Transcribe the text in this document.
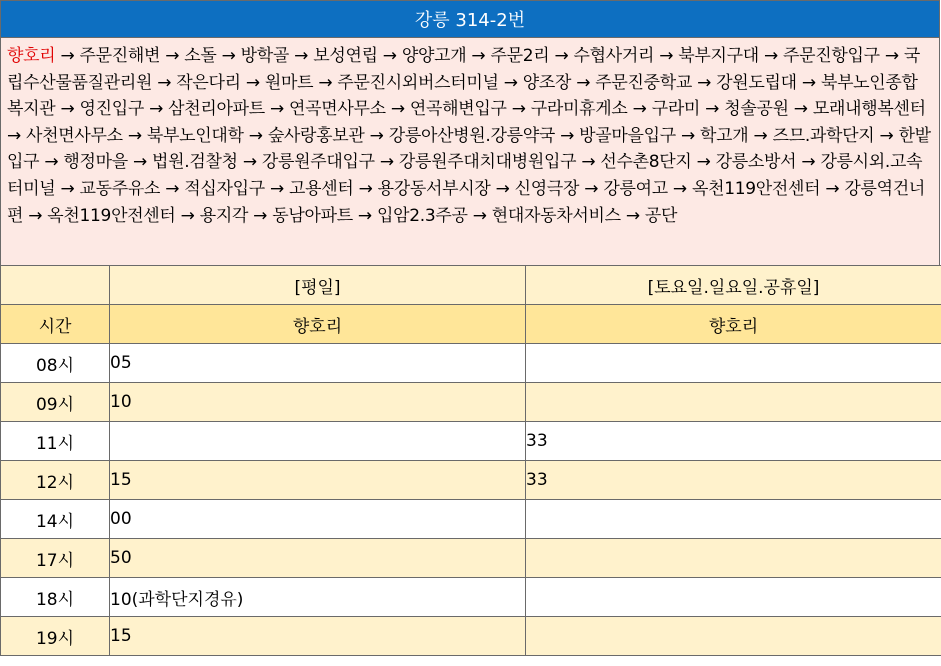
강릉 314-2번
향호리 → 주문진해변 → 소돌 → 방학골 → 보성연립 → 양양고개 → 주문2리 → 수협사거리 → 북부지구대 → 주문진항입구 → 국립수산물품질관리원 → 작은다리 → 원마트 → 주문진시외버스터미널 → 양조장 → 주문진중학교 → 강원도립대 → 북부노인종합복지관 → 영진입구 → 삼천리아파트 → 연곡면사무소 → 연곡해변입구 → 구라미휴게소 → 구라미 → 청솔공원 → 모래내행복센터 → 사천면사무소 → 북부노인대학 → 숲사랑홍보관 → 강릉아산병원.강릉약국 → 방골마을입구 → 학고개 → 즈므.과학단지 → 한밭입구 → 행정마을 → 법원.검찰청 → 강릉원주대입구 → 강릉원주대치대병원입구 → 선수촌8단지 → 강릉소방서 → 강릉시외.고속터미널 → 교동주유소 → 적십자입구 → 고용센터 → 용강동서부시장 → 신영극장 → 강릉여고 → 옥천119안전센터 → 강릉역건너편 → 옥천119안전센터 → 용지각 → 동남아파트 → 입암2.3주공 → 현대자동차서비스 → 공단
	[평일]	[토요일.일요일.공휴일]
시간	향호리	향호리
08시	05	
09시	10	
11시		33
12시	15	33
14시	00	
17시	50	
18시	10(과학단지경유)	
19시	15	
